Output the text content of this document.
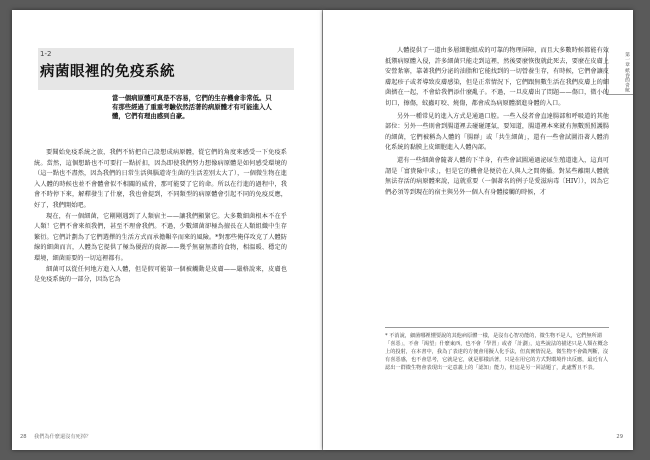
1-2
病菌眼裡的免疫系統
當一個病原體可真是不容易，它們的生存機會非常低。只有那些經過了重重考驗依然活著的病原體才有可能進入人體，它們有理由感到自豪。

要聞始免疫系統之旅，我們不妨把自己設想成病原體，從它們的角度來感受一下免疫系統。當然，這個想路也不可要打一點折扣，因為即使我們努力想像病原體是如何感受環境的（這一點也不盡然，因為我們的日常生活與腦道寄生菌的生活差別太大了），一個微生物在進入人體的時候也並不會體會似不相關的威脅，那可能要了它的命。所以在行進的過程中，我會不時停下來，解釋發生了什麼，我也會提到，不同類型的病原體會引起不同的免疫反應，好了，我們開始吧。

現在，有一個細菌，它剛剛遇到了人類宿主——讓我們顯緊它。大多數細菌根本不在乎人類！它們不會來煩我們，甚至不理會我們。不過，少數細菌卻極為擅長在人類組織中生存繁衍。它們計劃為了它們選擇的生活方式而承擔艱辛而來的風險。*對那些俺佯攻克了人體防線的細菌而言，人體為它提供了極為優渥的資源——幾乎無窮無盡的食物，相溫暖、穩定的環境，細菌需要的一切這裡都有。

細菌可以從任何地方進入人體，但是假可能第一個被觸動是皮膚——嚴格說來，皮膚也是免疫系統的一部分，因為它為

28 我們為什麼還沒有死掉？
第一章 紙卷的奇航

人體提供了一道由多層細胞組成的可靠的物理屏障，而且大多數時候都能有效抵禦病原體入侵，許多細菌只能走到這裡，然後要麼恢復就此死去，要麼在皮膚上安營紮寨，靠著我們分泌的油脂和它能找到的一切營養生存，有時候，它們會讓皮膚起疹子或者導致皮膚感染，但是正常情況下，它們跟無數生活在我們皮膚上的細菌擠在一起，不會給我們添什麼亂子。不過，一旦皮膚出了問題——傷口，微小的切口，擦傷，蚊蟲叮咬、燒傷，都會成為病原體溜進身體的入口。

另外一種常見的進入方式是通過口腔。一些入侵者會直達腸部和呼吸道的其他部位：另外一些則會到腸道裡去碰碰運氣，要知道，腸道裡本來就有無數照照護腸的細菌，它們被稱為人體的「腸群」或「共生細菌」，還有一些會試圖沿著人體消化系統的黏膜上皮細胞進入人體內部。

還有一些細菌會隨著人體的下半身，有些會試圖通過泌尿生殖道進入，這真可謂是「富貴險中求」，但是它的機會是便於在人與人之間傳播。對某些離開人體就無法存活的病原體來說，這就重要（一個著名的例子是愛滋病毒〔HIV〕），因為它們必須等到現在的宿主與另外一個人有身體接觸的時候，才

* 不消說，細菌哪裡懂要說的其他病原體一樣，是沒有心智功能的，微生物不是人，它們無所謂「喜惡」，不會「渴望」什麼東西，也不會「學習」或者「計劃」，這些說法的描述只是人類在概念上的投射，在本書中，我為了表達的方便會用擬人化手法，但真實情況是，微生物不會做判斷，沒有喜惡感，也不會思考，它就是它，就是那樣活著，只是在用它的方式對環境作出反應，最近有人認出一群微生物會表現出一定意義上的「認知」能力，但這是另一回話題了，此處暫且不表。
29
